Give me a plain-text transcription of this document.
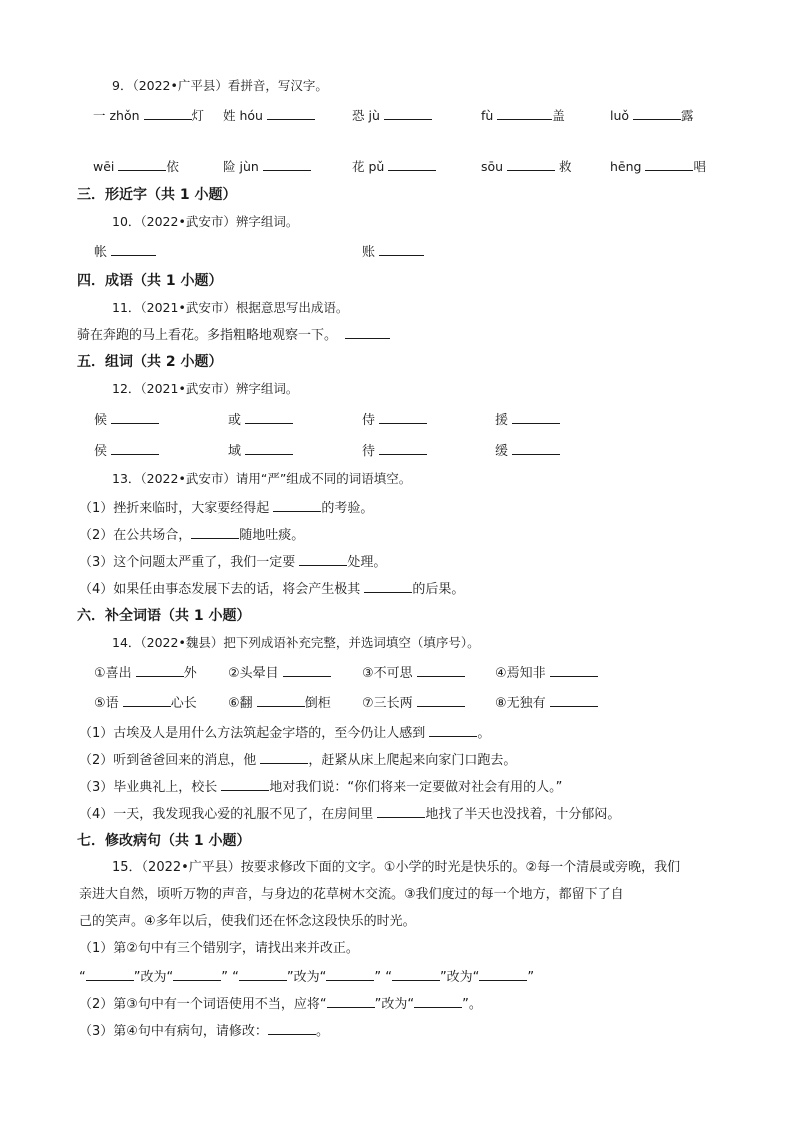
9．（2022•广平县）看拼音，写汉字。
一 zhǒn	灯 姓 hóu	恐 jù	fù	盖	luǒ	露
wēi	依	险 jùn	花 pǔ	sōu	救	hēng	唱
三．形近字（共 1 小题）
10．（2022•武安市）辨字组词。
帐	账
四．成语（共 1 小题）
11．（2021•武安市）根据意思写出成语。
骑在奔跑的马上看花。多指粗略地观察一下。
五．组词（共 2 小题）
12．（2021•武安市）辨字组词。
候	或	侍	援
侯	域	待	缓
13．（2022•武安市）请用“严”组成不同的词语填空。
（1）挫折来临时，大家要经得起	的考验。
（2）在公共场合，	随地吐痰。
（3）这个问题太严重了，我们一定要	处理。
（4）如果任由事态发展下去的话，将会产生极其	的后果。
六．补全词语（共 1 小题）
14．（2022•魏县）把下列成语补充完整，并选词填空（填序号）。
①喜出	外 ②头晕目	③不可思	④焉知非
⑤语	心长 ⑥翻	倒柜 ⑦三长两	⑧无独有
（1）古埃及人是用什么方法筑起金字塔的，至今仍让人感到	。
（2）听到爸爸回来的消息，他	，赶紧从床上爬起来向家门口跑去。
（3）毕业典礼上，校长	地对我们说：“你们将来一定要做对社会有用的人。”
（4）一天，我发现我心爱的礼服不见了，在房间里	地找了半天也没找着，十分郁闷。
七．修改病句（共 1 小题）
15．（2022•广平县）按要求修改下面的文字。①小学的时光是快乐的。②每一个清晨或旁晚，我们
亲进大自然，顷听万物的声音，与身边的花草树木交流。③我们度过的每一个地方，都留下了自
己的笑声。④多年以后，使我们还在怀念这段快乐的时光。
（1）第②句中有三个错别字，请找出来并改正。
“	”改为“	” “	”改为“	” “	”改为“	”
（2）第③句中有一个词语使用不当，应将“	”改为“	”。
（3）第④句中有病句，请修改：	。
